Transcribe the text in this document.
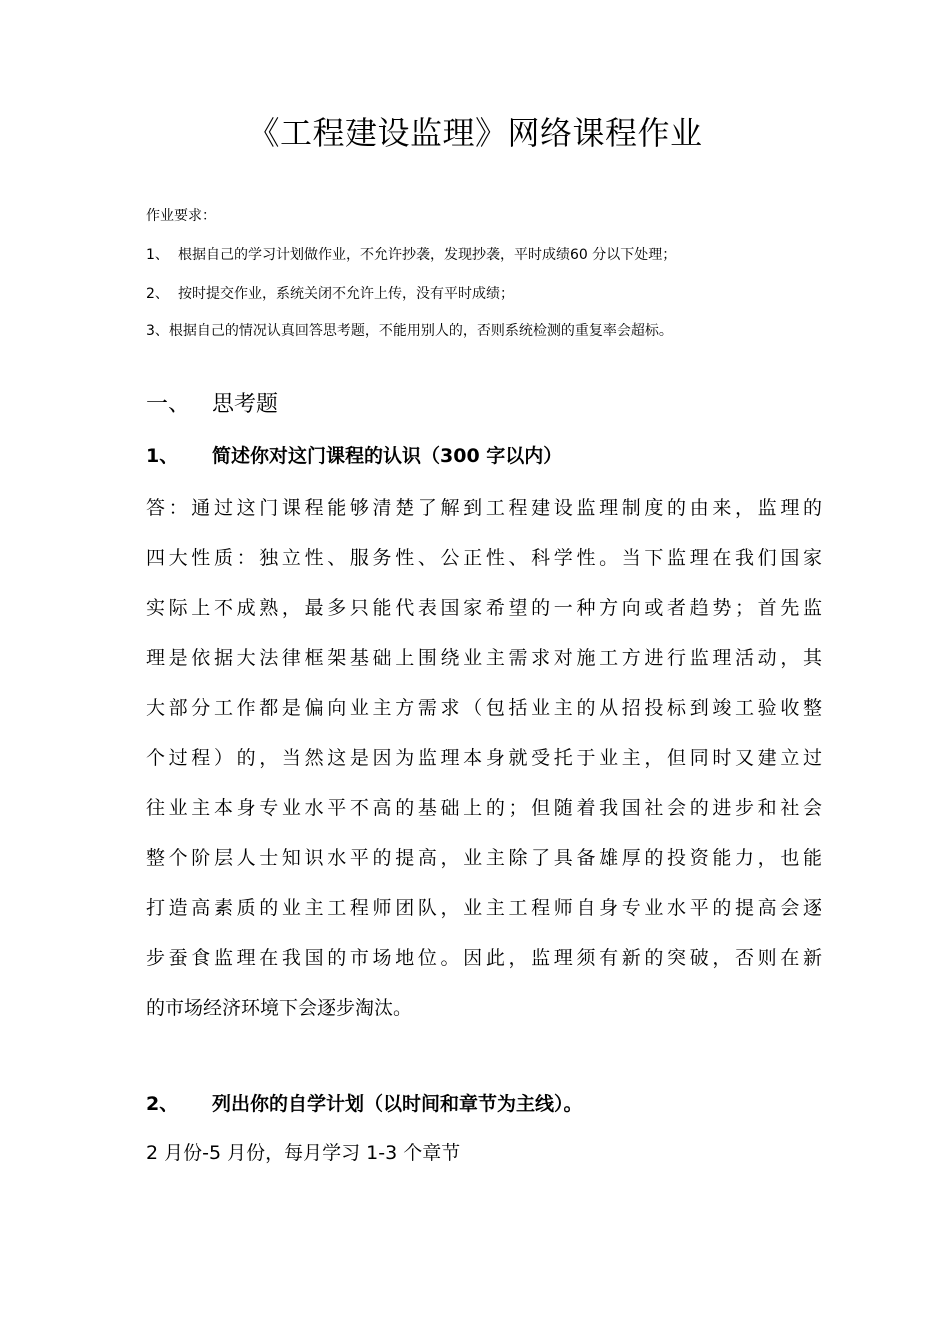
《工程建设监理》网络课程作业
作业要求：
1、 根据自己的学习计划做作业，不允许抄袭，发现抄袭，平时成绩60 分以下处理；
2、 按时提交作业，系统关闭不允许上传，没有平时成绩；
3、根据自己的情况认真回答思考题，不能用别人的，否则系统检测的重复率会超标。
一、 思考题
1、 简述你对这门课程的认识（300 字以内）
答：通过这门课程能够清楚了解到工程建设监理制度的由来，监理的
四大性质：独立性、服务性、公正性、科学性。当下监理在我们国家
实际上不成熟，最多只能代表国家希望的一种方向或者趋势；首先监
理是依据大法律框架基础上围绕业主需求对施工方进行监理活动，其
大部分工作都是偏向业主方需求（包括业主的从招投标到竣工验收整
个过程）的，当然这是因为监理本身就受托于业主，但同时又建立过
往业主本身专业水平不高的基础上的；但随着我国社会的进步和社会
整个阶层人士知识水平的提高，业主除了具备雄厚的投资能力，也能
打造高素质的业主工程师团队，业主工程师自身专业水平的提高会逐
步蚕食监理在我国的市场地位。因此，监理须有新的突破，否则在新
的市场经济环境下会逐步淘汰。
2、 列出你的自学计划（以时间和章节为主线）。
2 月份-5 月份，每月学习 1-3 个章节
